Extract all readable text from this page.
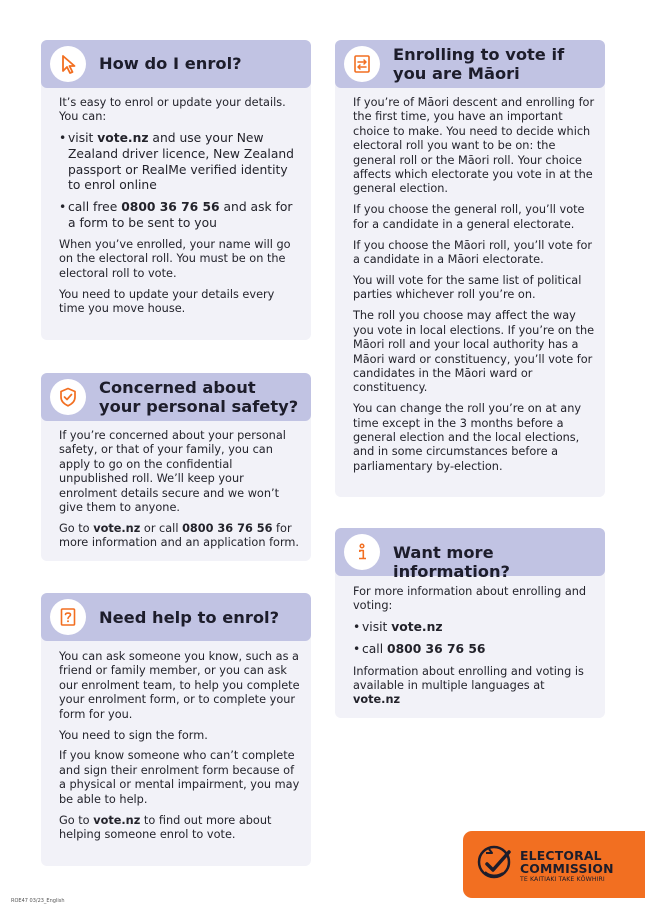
How do I enrol?

It’s easy to enrol or update your details. You can:

• visit vote.nz and use your New Zealand driver licence, New Zealand passport or RealMe verified identity to enrol online
• call free 0800 36 76 56 and ask for a form to be sent to you

When you’ve enrolled, your name will go on the electoral roll. You must be on the electoral roll to vote.

You need to update your details every time you move house.

Concerned about your personal safety?

If you’re concerned about your personal safety, or that of your family, you can apply to go on the confidential unpublished roll. We’ll keep your enrolment details secure and we won’t give them to anyone.

Go to vote.nz or call 0800 36 76 56 for more information and an application form.

Need help to enrol?

You can ask someone you know, such as a friend or family member, or you can ask our enrolment team, to help you complete your enrolment form, or to complete your form for you.

You need to sign the form.

If you know someone who can’t complete and sign their enrolment form because of a physical or mental impairment, you may be able to help.

Go to vote.nz to find out more about helping someone enrol to vote.

Enrolling to vote if you are Māori

If you’re of Māori descent and enrolling for the first time, you have an important choice to make. You need to decide which electoral roll you want to be on: the general roll or the Māori roll. Your choice affects which electorate you vote in at the general election.

If you choose the general roll, you’ll vote for a candidate in a general electorate.

If you choose the Māori roll, you’ll vote for a candidate in a Māori electorate.

You will vote for the same list of political parties whichever roll you’re on.

The roll you choose may affect the way you vote in local elections. If you’re on the Māori roll and your local authority has a Māori ward or constituency, you’ll vote for candidates in the Māori ward or constituency.

You can change the roll you’re on at any time except in the 3 months before a general election and the local elections, and in some circumstances before a parliamentary by-election.

Want more information?

For more information about enrolling and voting:

• visit vote.nz
• call 0800 36 76 56

Information about enrolling and voting is available in multiple languages at vote.nz

ROE47 03/23_English
ELECTORAL
COMMISSION
TE KAITIAKI TAKE KŌWHIRI
